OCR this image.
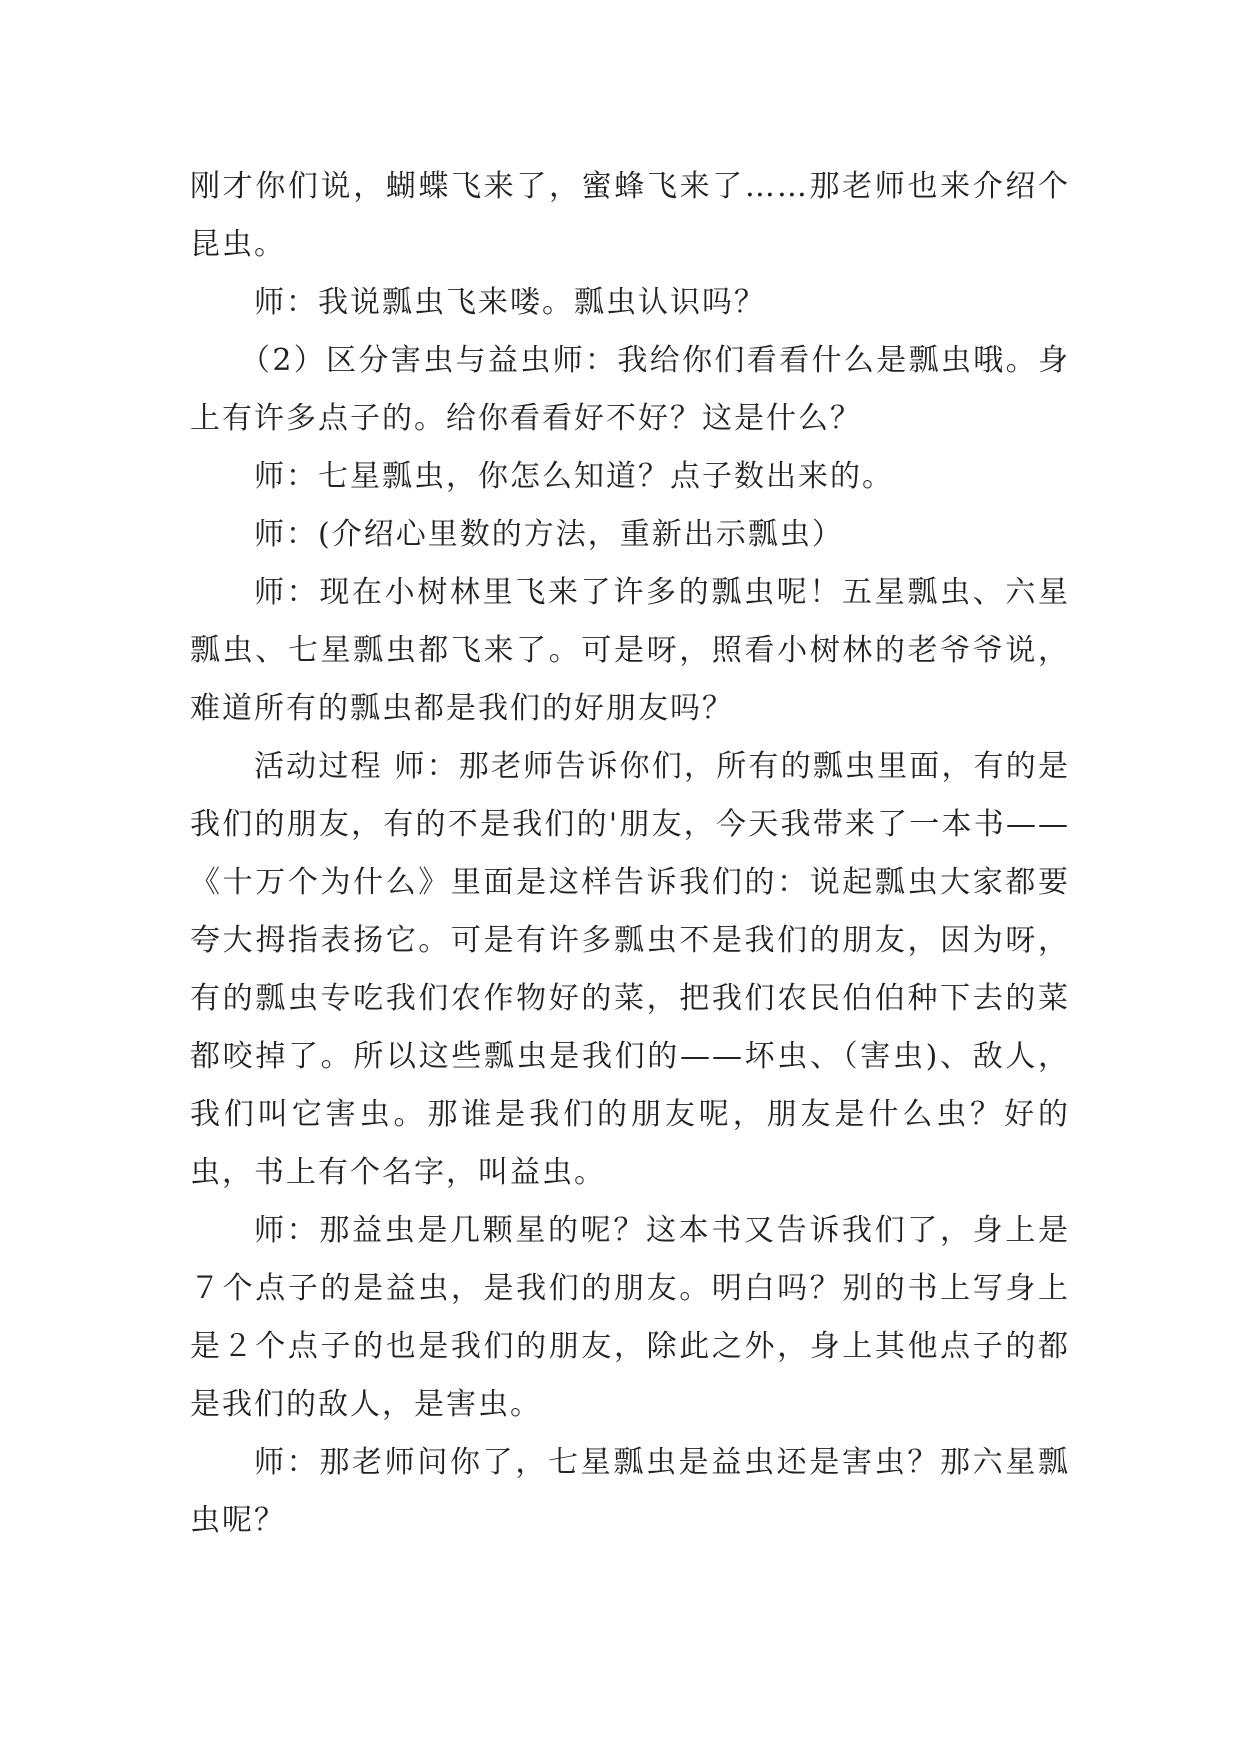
刚才你们说，蝴蝶飞来了，蜜蜂飞来了……那老师也来介绍个昆虫。

师：我说瓢虫飞来喽。瓢虫认识吗？

（2）区分害虫与益虫师：我给你们看看什么是瓢虫哦。身上有许多点子的。给你看看好不好？这是什么？

师：七星瓢虫，你怎么知道？点子数出来的。

师：(介绍心里数的方法，重新出示瓢虫）

师：现在小树林里飞来了许多的瓢虫呢！五星瓢虫、六星瓢虫、七星瓢虫都飞来了。可是呀，照看小树林的老爷爷说，难道所有的瓢虫都是我们的好朋友吗？

活动过程 师：那老师告诉你们，所有的瓢虫里面，有的是我们的朋友，有的不是我们的'朋友，今天我带来了一本书——《十万个为什么》里面是这样告诉我们的：说起瓢虫大家都要夸大拇指表扬它。可是有许多瓢虫不是我们的朋友，因为呀，有的瓢虫专吃我们农作物好的菜，把我们农民伯伯种下去的菜都咬掉了。所以这些瓢虫是我们的——坏虫、（害虫)、敌人，我们叫它害虫。那谁是我们的朋友呢，朋友是什么虫？好的虫，书上有个名字，叫益虫。

师：那益虫是几颗星的呢？这本书又告诉我们了，身上是７个点子的是益虫，是我们的朋友。明白吗？别的书上写身上是２个点子的也是我们的朋友，除此之外，身上其他点子的都是我们的敌人，是害虫。

师：那老师问你了，七星瓢虫是益虫还是害虫？那六星瓢虫呢？
